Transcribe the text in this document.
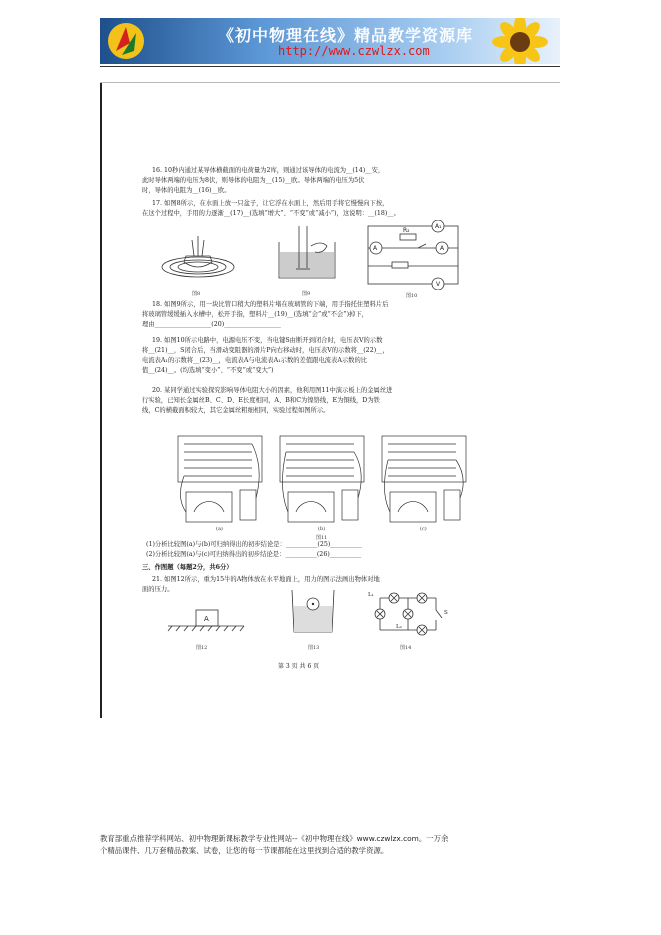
《初中物理在线》精品教学资源库
http://www.czwlzx.com
16. 10秒内通过某导体横截面的电荷量为2库，则通过该导体的电流为__(14)__安，
此时导体两端的电压为8伏，则导体的电阻为__(15)__欧。导体两端的电压为5伏
时，导体的电阻为__(16)__欧。
17. 如图8所示，在水面上放一只盆子，让它浮在水面上，然后用手将它慢慢向下按，
在这个过程中，手用的力逐渐__(17)__(选填“增大”、“不变”或“减小”)，这说明：__(18)__。
图8	图9
A₁
A	A
V
R₂
图10
18. 如图9所示，用一块比管口稍大的塑料片堵在玻璃管的下端，用手指托住塑料片后
将玻璃管缓缓插入水槽中，松开手指，塑料片__(19)__(选填“会”或“不会”)掉下，
理由__________________(20)__________________
19. 如图10所示电路中，电源电压不变，当电键S由断开到闭合时，电压表V的示数
将__(21)__，S闭合后，当滑动变阻器的滑片P向右移动时，电压表V的示数将__(22)__，
电流表A₁的示数将__(23)__，电流表A与电流表A₁示数的差值跟电流表A示数的比
值__(24)__。(均选填“变小”、“不变”或“变大”)
20. 某同学通过实验探究影响导体电阻大小的因素，他利用图11中演示板上的金属丝进
行实验，已知长金属丝B、C、D、E长度相同，A、B和C为镍铬线，E为铜线，D为铁
线，C的横截面积较大，其它金属丝粗细相同，实验过程如图所示。
(a)	(b)	(c)
图11
(1)分析比较图(a)与(b)可归纳得出的初步结论是：__________(25)__________
(2)分析比较图(a)与(c)可归纳得出的初步结论是：__________(26)__________
三、作图题（每题2分，共6分）
21. 如图12所示，重为15牛的A物体放在水平地面上，用力的图示法画出物体对地
面的压力。
A
图12	图13
L₁
L₂
S
图14
第 3 页 共 6 页
教育部重点推荐学科网站、初中物理新课标教学专业性网站--《初中物理在线》www.czwlzx.com。一万余
个精品课件、几万套精品教案、试卷，让您的每一节课都能在这里找到合适的教学资源。
